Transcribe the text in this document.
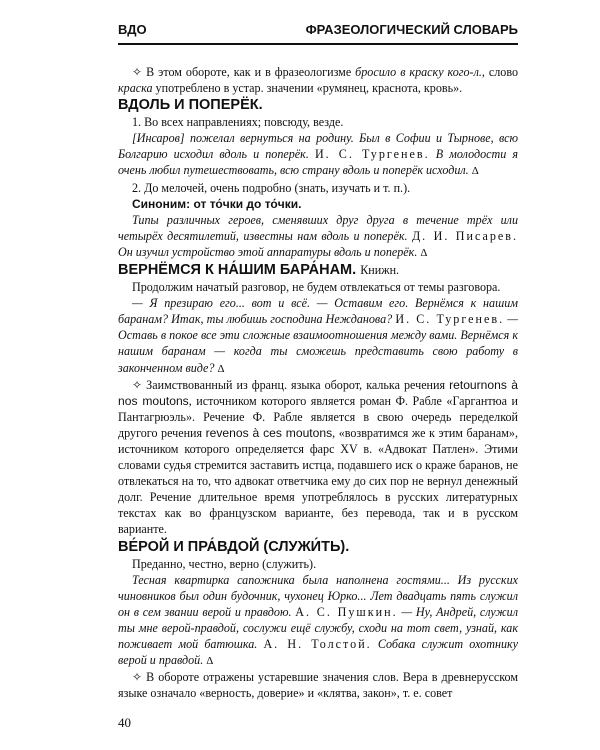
ВДО	ФРАЗЕОЛОГИЧЕСКИЙ СЛОВАРЬ

✧ В этом обороте, как и в фразеологизме бросило в краску кого-л., слово краска употреблено в устар. значении «румянец, краснота, кровь».

ВДОЛЬ И ПОПЕРЁК.

1. Во всех направлениях; повсюду, везде.

[Инсаров] пожелал вернуться на родину. Был в Софии и Тырнове, всю Болгарию исходил вдоль и поперёк. И. С. Тургенев. В молодости я очень любил путешествовать, всю страну вдоль и поперёк исходил. Δ

2. До мелочей, очень подробно (знать, изучать и т. п.).

Синоним: от то́чки до то́чки.

Типы различных героев, сменявших друг друга в течение трёх или четырёх десятилетий, известны нам вдоль и поперёк. Д. И. Писарев. Он изучил устройство этой аппаратуры вдоль и поперёк. Δ

ВЕРНЁМСЯ К НА́ШИМ БАРА́НАМ. Книжн.

Продолжим начатый разговор, не будем отвлекаться от темы разговора.

— Я презираю его... вот и всё. — Оставим его. Вернёмся к нашим баранам? Итак, ты любишь господина Нежданова? И. С. Тургенев. — Оставь в покое все эти сложные взаимоотношения между вами. Вернёмся к нашим баранам — когда ты сможешь представить свою работу в законченном виде? Δ

✧ Заимствованный из франц. языка оборот, калька речения retournons à nos moutons, источником которого является роман Ф. Рабле «Гаргантюа и Пантагрюэль». Речение Ф. Рабле является в свою очередь переделкой другого речения revenos à ces moutons, «возвратимся же к этим баранам», источником которого определяется фарс XV в. «Адвокат Патлен». Этими словами судья стремится заставить истца, подавшего иск о краже баранов, не отвлекаться на то, что адвокат ответчика ему до сих пор не вернул денежный долг. Речение длительное время употреблялось в русских литературных текстах как во французском варианте, без перевода, так и в русском варианте.

ВЕ́РОЙ И ПРА́ВДОЙ (СЛУЖИ́ТЬ).

Преданно, честно, верно (служить).

Тесная квартирка сапожника была наполнена гостями... Из русских чиновников был один будочник, чухонец Юрко... Лет двадцать пять служил он в сем звании верой и правдою. А. С. Пушкин. — Ну, Андрей, служил ты мне верой-правдой, сослужи ещё службу, сходи на тот свет, узнай, как поживает мой батюшка. А. Н. Толстой. Собака служит охотнику верой и правдой. Δ

✧ В обороте отражены устаревшие значения слов. Вера в древнерусском языке означало «верность, доверие» и «клятва, закон», т. е. совет

40
